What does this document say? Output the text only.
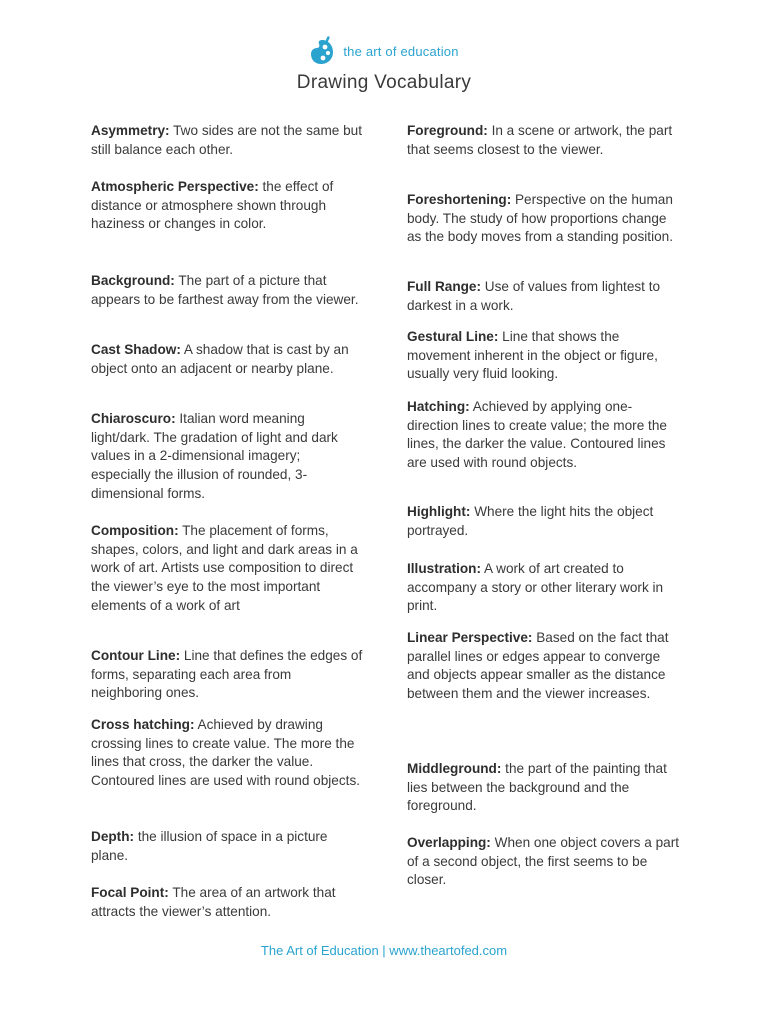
the art of education
Drawing Vocabulary
Asymmetry: Two sides are not the same but still balance each other.
Atmospheric Perspective: the effect of distance or atmosphere shown through haziness or changes in color.
Background: The part of a picture that appears to be farthest away from the viewer.
Cast Shadow: A shadow that is cast by an object onto an adjacent or nearby plane.
Chiaroscuro: Italian word meaning light/dark. The gradation of light and dark values in a 2-dimensional imagery; especially the illusion of rounded, 3-dimensional forms.
Composition: The placement of forms, shapes, colors, and light and dark areas in a work of art. Artists use composition to direct the viewer’s eye to the most important elements of a work of art
Contour Line: Line that defines the edges of forms, separating each area from neighboring ones.
Cross hatching: Achieved by drawing crossing lines to create value. The more the lines that cross, the darker the value. Contoured lines are used with round objects.
Depth: the illusion of space in a picture plane.
Focal Point: The area of an artwork that attracts the viewer’s attention.
Foreground: In a scene or artwork, the part that seems closest to the viewer.
Foreshortening: Perspective on the human body. The study of how proportions change as the body moves from a standing position.
Full Range: Use of values from lightest to darkest in a work.
Gestural Line: Line that shows the movement inherent in the object or figure, usually very fluid looking.
Hatching: Achieved by applying one-direction lines to create value; the more the lines, the darker the value. Contoured lines are used with round objects.
Highlight: Where the light hits the object portrayed.
Illustration: A work of art created to accompany a story or other literary work in print.
Linear Perspective: Based on the fact that parallel lines or edges appear to converge and objects appear smaller as the distance between them and the viewer increases.
Middleground: the part of the painting that lies between the background and the foreground.
Overlapping: When one object covers a part of a second object, the first seems to be closer.
The Art of Education | www.theartofed.com
